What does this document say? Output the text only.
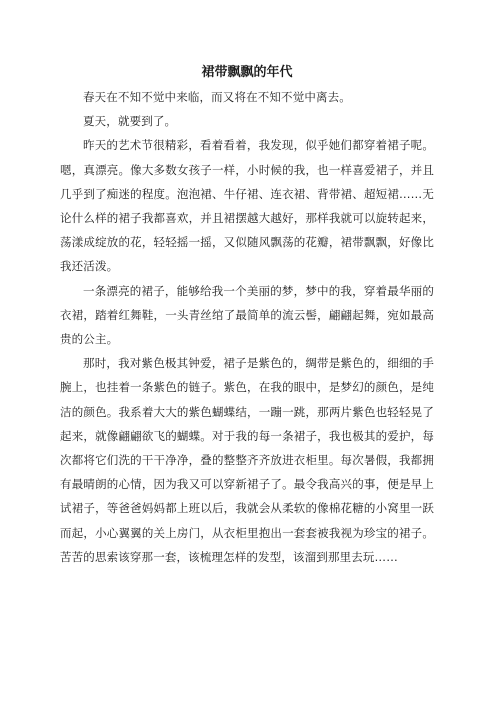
裙带飘飘的年代

春天在不知不觉中来临，而又将在不知不觉中离去。

夏天，就要到了。

昨天的艺术节很精彩，看着看着，我发现，似乎她们都穿着裙子呢。嗯，真漂亮。像大多数女孩子一样，小时候的我，也一样喜爱裙子，并且几乎到了痴迷的程度。泡泡裙、牛仔裙、连衣裙、背带裙、超短裙……无论什么样的裙子我都喜欢，并且裙摆越大越好，那样我就可以旋转起来，荡漾成绽放的花，轻轻摇一摇，又似随风飘荡的花瓣，裙带飘飘，好像比我还活泼。

一条漂亮的裙子，能够给我一个美丽的梦，梦中的我，穿着最华丽的衣裙，踏着红舞鞋，一头青丝绾了最简单的流云髻，翩翩起舞，宛如最高贵的公主。

那时，我对紫色极其钟爱，裙子是紫色的，绸带是紫色的，细细的手腕上，也挂着一条紫色的链子。紫色，在我的眼中，是梦幻的颜色，是纯洁的颜色。我系着大大的紫色蝴蝶结，一蹦一跳，那两片紫色也轻轻晃了起来，就像翩翩欲飞的蝴蝶。对于我的每一条裙子，我也极其的爱护，每次都将它们洗的干干净净，叠的整整齐齐放进衣柜里。每次暑假，我都拥有最晴朗的心情，因为我又可以穿新裙子了。最令我高兴的事，便是早上试裙子，等爸爸妈妈都上班以后，我就会从柔软的像棉花糖的小窝里一跃而起，小心翼翼的关上房门，从衣柜里抱出一套套被我视为珍宝的裙子。苦苦的思索该穿那一套，该梳理怎样的发型，该溜到那里去玩……
